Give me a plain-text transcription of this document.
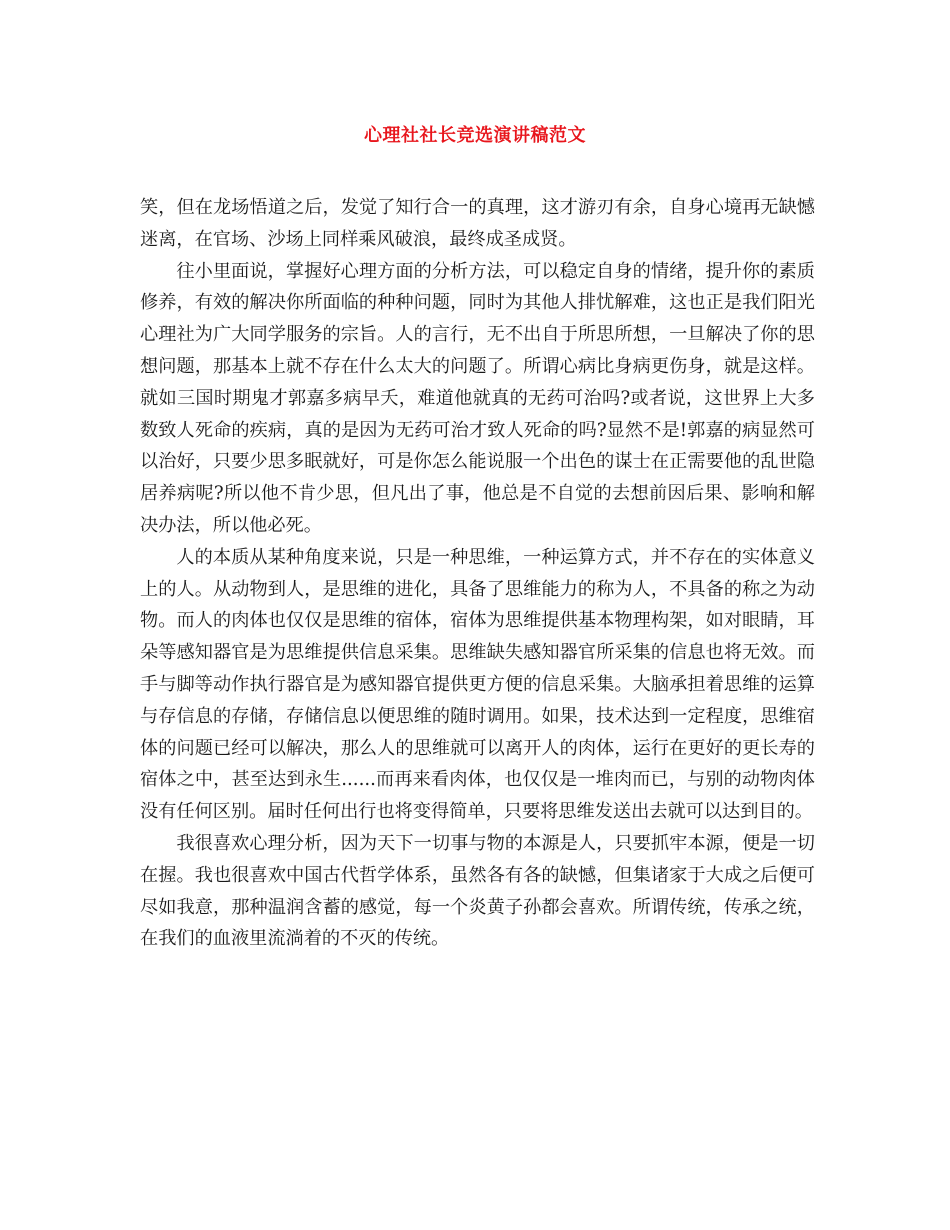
心理社社长竞选演讲稿范文

笑，但在龙场悟道之后，发觉了知行合一的真理，这才游刃有余，自身心境再无缺憾迷离，在官场、沙场上同样乘风破浪，最终成圣成贤。

往小里面说，掌握好心理方面的分析方法，可以稳定自身的情绪，提升你的素质修养，有效的解决你所面临的种种问题，同时为其他人排忧解难，这也正是我们阳光心理社为广大同学服务的宗旨。人的言行，无不出自于所思所想，一旦解决了你的思想问题，那基本上就不存在什么太大的问题了。所谓心病比身病更伤身，就是这样。就如三国时期鬼才郭嘉多病早夭，难道他就真的无药可治吗?或者说，这世界上大多数致人死命的疾病，真的是因为无药可治才致人死命的吗?显然不是!郭嘉的病显然可以治好，只要少思多眠就好，可是你怎么能说服一个出色的谋士在正需要他的乱世隐居养病呢?所以他不肯少思，但凡出了事，他总是不自觉的去想前因后果、影响和解决办法，所以他必死。

人的本质从某种角度来说，只是一种思维，一种运算方式，并不存在的实体意义上的人。从动物到人，是思维的进化，具备了思维能力的称为人，不具备的称之为动物。而人的肉体也仅仅是思维的宿体，宿体为思维提供基本物理构架，如对眼睛，耳朵等感知器官是为思维提供信息采集。思维缺失感知器官所采集的信息也将无效。而手与脚等动作执行器官是为感知器官提供更方便的信息采集。大脑承担着思维的运算与存信息的存储，存储信息以便思维的随时调用。如果，技术达到一定程度，思维宿体的问题已经可以解决，那么人的思维就可以离开人的肉体，运行在更好的更长寿的宿体之中，甚至达到永生......而再来看肉体，也仅仅是一堆肉而已，与别的动物肉体没有任何区别。届时任何出行也将变得简单，只要将思维发送出去就可以达到目的。

我很喜欢心理分析，因为天下一切事与物的本源是人，只要抓牢本源，便是一切在握。我也很喜欢中国古代哲学体系，虽然各有各的缺憾，但集诸家于大成之后便可尽如我意，那种温润含蓄的感觉，每一个炎黄子孙都会喜欢。所谓传统，传承之统，在我们的血液里流淌着的不灭的传统。
